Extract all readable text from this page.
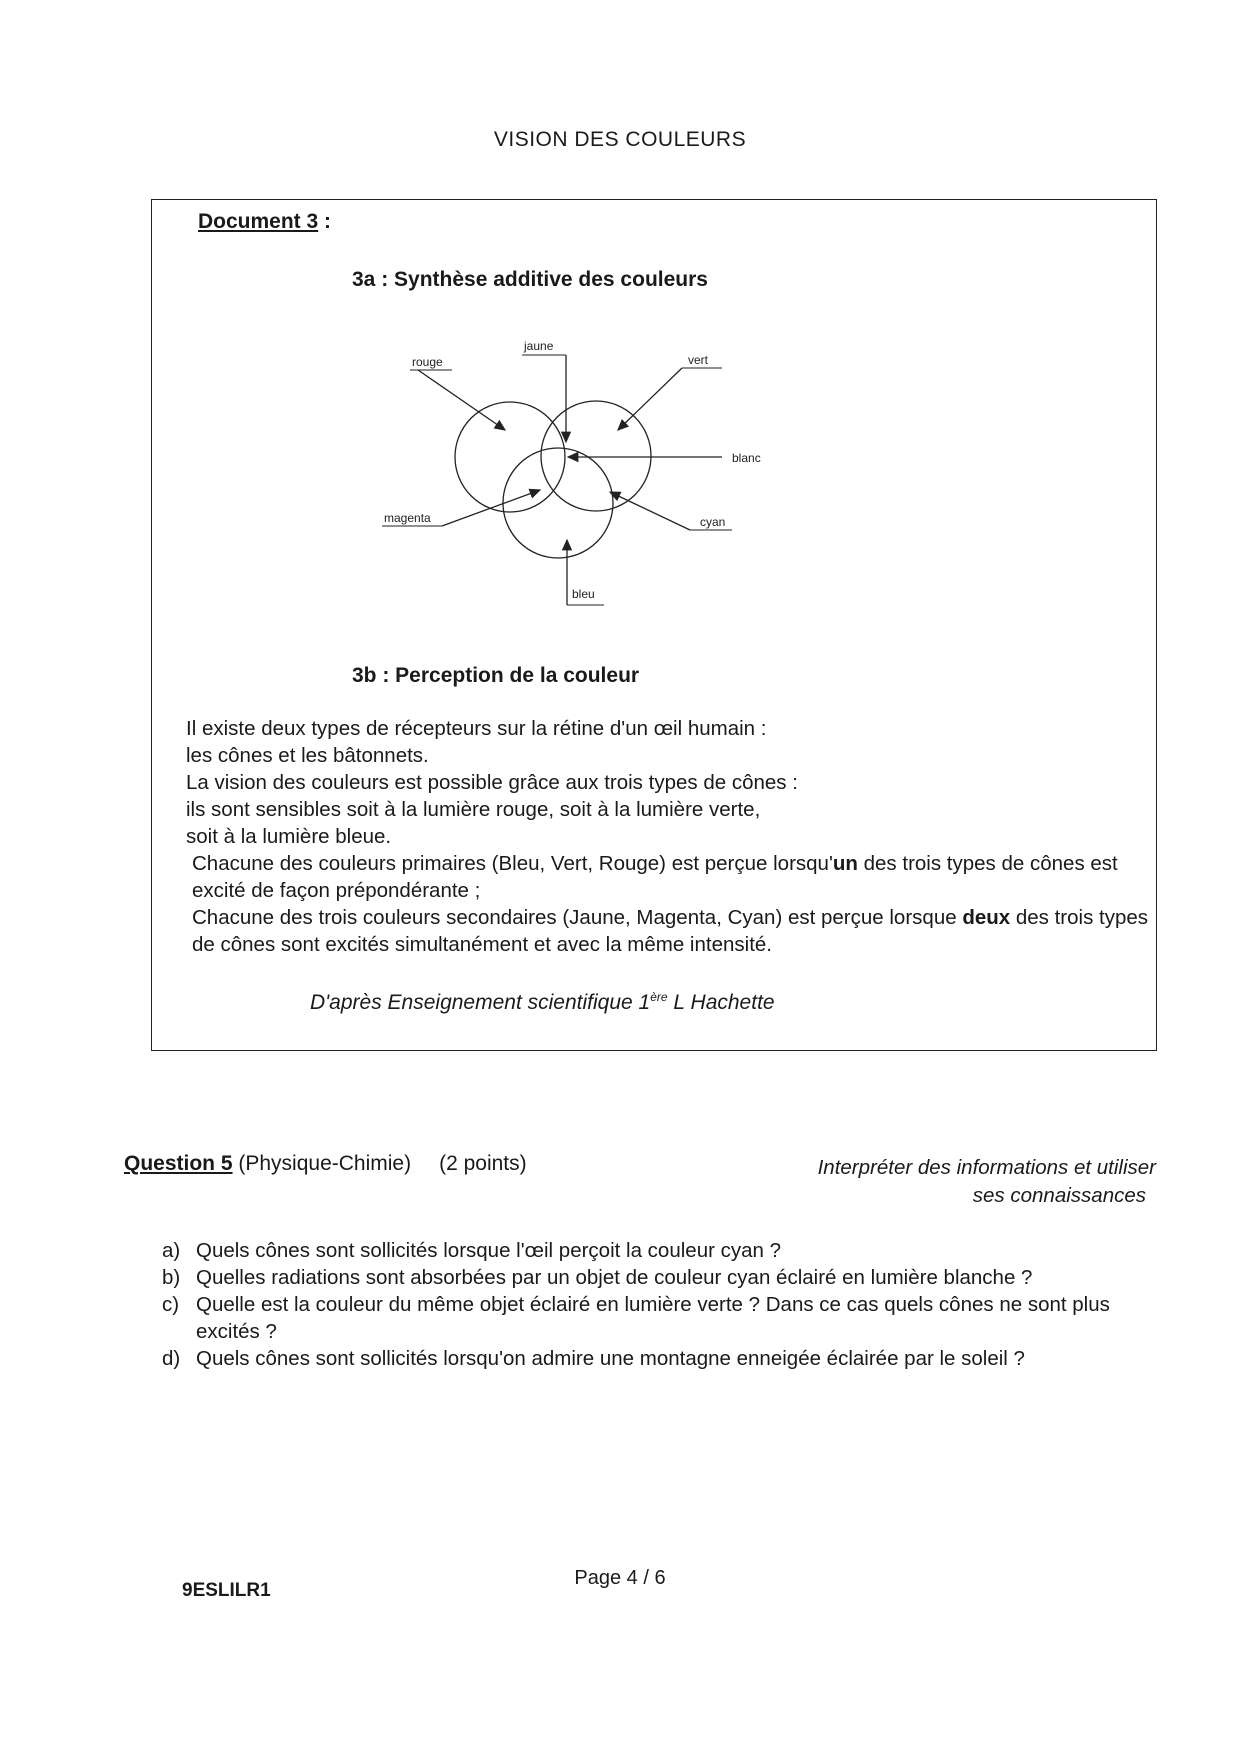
VISION DES COULEURS
Document 3 :
3a : Synthèse additive des couleurs
rouge
jaune
vert
blanc
magenta	cyan
bleu
3b : Perception de la couleur

Il existe deux types de récepteurs sur la rétine d'un œil humain :

les cônes et les bâtonnets.

La vision des couleurs est possible grâce aux trois types de cônes :

ils sont sensibles soit à la lumière rouge, soit à la lumière verte,

soit à la lumière bleue.

Chacune des couleurs primaires (Bleu, Vert, Rouge) est perçue lorsqu'un des trois types de cônes est excité de façon prépondérante ;

Chacune des trois couleurs secondaires (Jaune, Magenta, Cyan) est perçue lorsque deux des trois types de cônes sont excités simultanément et avec la même intensité.

D'après Enseignement scientifique 1ère L Hachette
Question 5 (Physique-Chimie) (2 points)	Interpréter des informations et utiliser
ses connaissances
a) Quels cônes sont sollicités lorsque l'œil perçoit la couleur cyan ?
b) Quelles radiations sont absorbées par un objet de couleur cyan éclairé en lumière blanche ?
c) Quelle est la couleur du même objet éclairé en lumière verte ? Dans ce cas quels cônes ne sont plus excités ?
d) Quels cônes sont sollicités lorsqu'on admire une montagne enneigée éclairée par le soleil ?
Page 4 / 6
9ESLILR1
